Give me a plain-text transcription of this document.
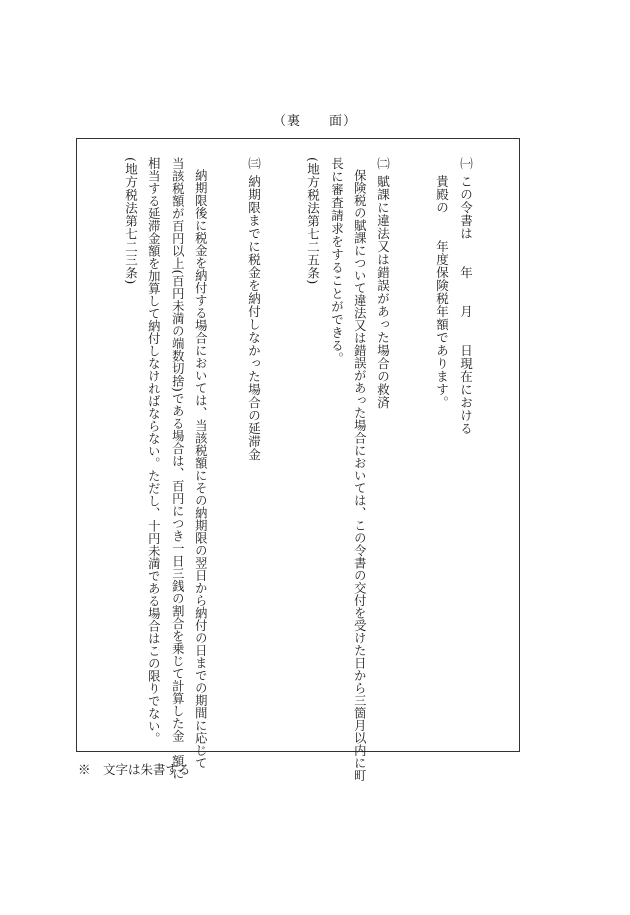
（裏　　面）
㈠
この令書は　　年　　月　　日現在における
貴殿の　　年度保険税年額であります。
㈡
賦課に違法又は錯誤があった場合の救済
保険税の賦課について違法又は錯誤があった場合においては、この令書の交付を受けた日から三箇月以内に町
長に審査請求をすることができる。
(地方税法第七二五条)
㈢
納期限までに税金を納付しなかった場合の延滞金
納期限後に税金を納付する場合においては、当該税額にその納期限の翌日から納付の日までの期間に応じて
当該税額が百円以上(百円未満の端数切捨)である場合は、百円につき一日三銭の割合を乗じて計算した金　額に
相当する延滞金額を加算して納付しなければならない。ただし、十円未満である場合はこの限りでない。
(地方税法第七二三条)
※　文字は朱書する
